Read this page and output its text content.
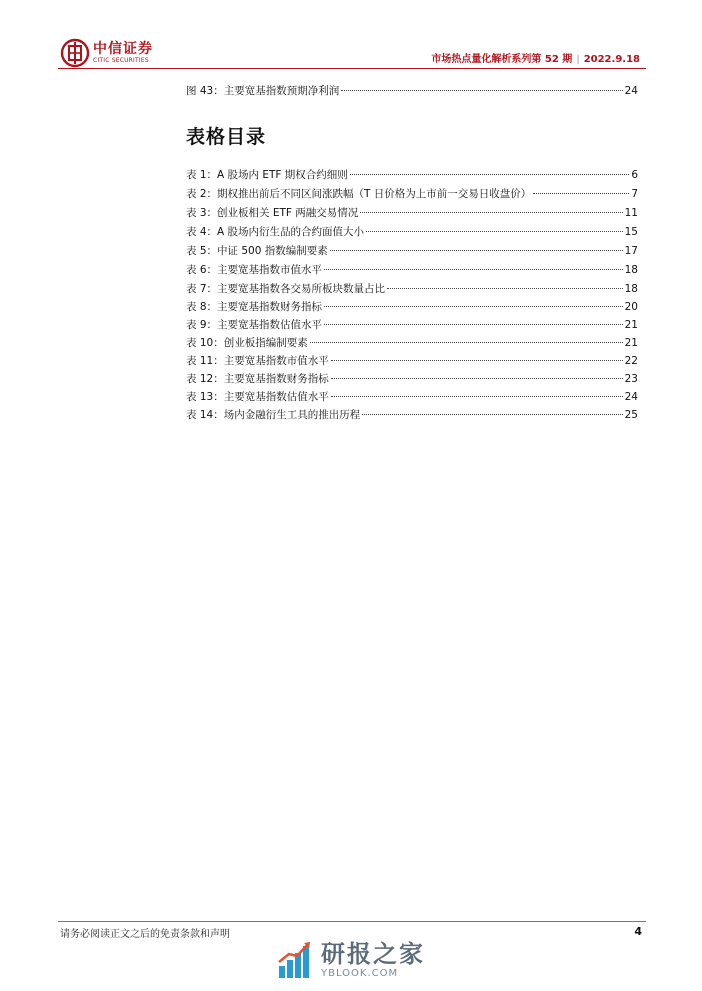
中信证券
CITIC SECURITIES	市场热点量化解析系列第 52 期 | 2022.9.18
图 43：主要宽基指数预期净利润	24
表格目录
表 1：A 股场内 ETF 期权合约细则	6
表 2：期权推出前后不同区间涨跌幅（T 日价格为上市前一交易日收盘价）	7
表 3：创业板相关 ETF 两融交易情况	11
表 4：A 股场内衍生品的合约面值大小	15
表 5：中证 500 指数编制要素	17
表 6：主要宽基指数市值水平	18
表 7：主要宽基指数各交易所板块数量占比	18
表 8：主要宽基指数财务指标	20
表 9：主要宽基指数估值水平	21
表 10：创业板指编制要素	21
表 11：主要宽基指数市值水平	22
表 12：主要宽基指数财务指标	23
表 13：主要宽基指数估值水平	24
表 14：场内金融衍生工具的推出历程	25
请务必阅读正文之后的免责条款和声明	4
研报之家
YBLOOK.COM
